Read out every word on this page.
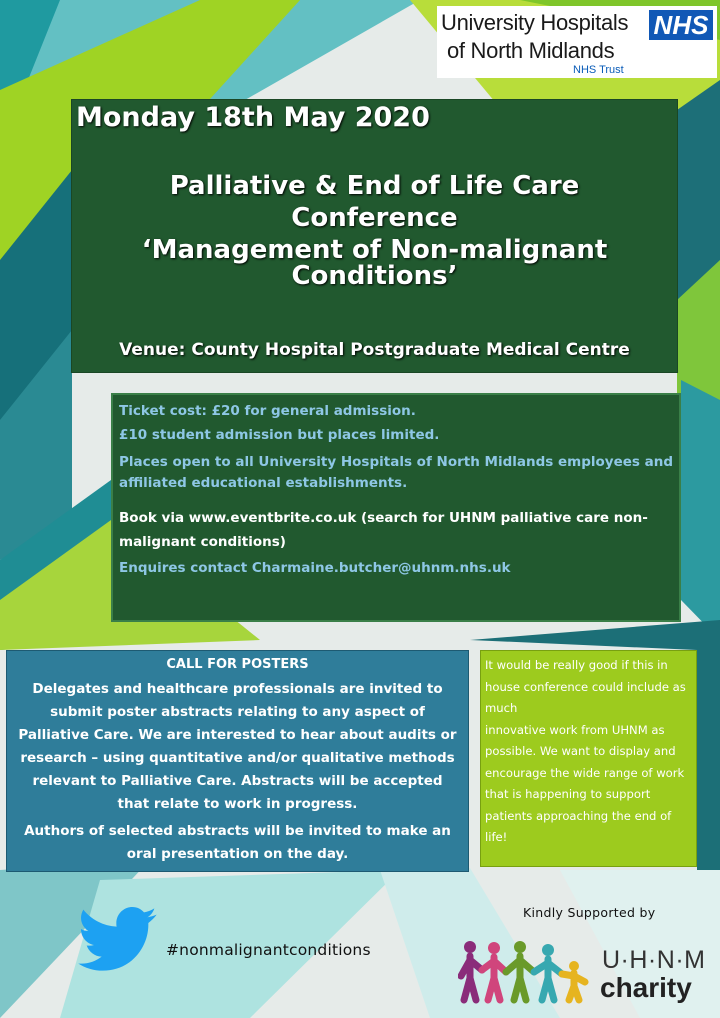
University Hospitals
of North Midlands
NHS
NHS Trust
Monday 18th May 2020
Palliative & End of Life Care
Conference
‘Management of Non-malignant
Conditions’
Venue: County Hospital Postgraduate Medical Centre

Ticket cost: £20 for general admission.

£10 student admission but places limited.

Places open to all University Hospitals of North Midlands employees and affiliated educational establishments.

Book via www.eventbrite.co.uk (search for UHNM palliative care non-malignant conditions)

Enquires contact Charmaine.butcher@uhnm.nhs.uk

CALL FOR POSTERS
Delegates and healthcare professionals are invited to submit poster abstracts relating to any aspect of Palliative Care. We are interested to hear about audits or research – using quantitative and/or qualitative methods relevant to Palliative Care. Abstracts will be accepted that relate to work in progress.
Authors of selected abstracts will be invited to make an oral presentation on the day.
It would be really good if this in
house conference could include as
much
innovative work from UHNM as
possible. We want to display and
encourage the wide range of work
that is happening to support
patients approaching the end of
life!
#nonmalignantconditions
Kindly Supported by
U·H·N·M
charity
